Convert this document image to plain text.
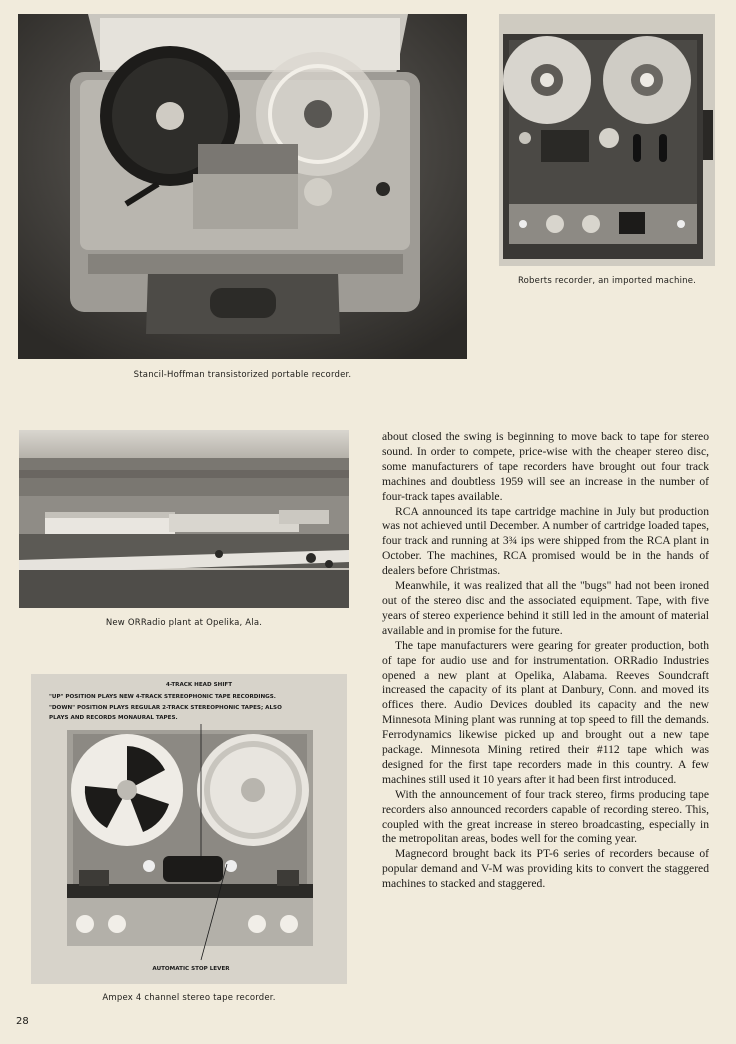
Stancil-Hoffman transistorized portable recorder.
Roberts recorder, an imported machine.
New ORRadio plant at Opelika, Ala.
4-TRACK HEAD SHIFT
"UP" POSITION PLAYS NEW 4-TRACK STEREOPHONIC TAPE RECORDINGS.
"DOWN" POSITION PLAYS REGULAR 2-TRACK STEREOPHONIC TAPES; ALSO
PLAYS AND RECORDS MONAURAL TAPES.
AUTOMATIC STOP LEVER
Ampex 4 channel stereo tape recorder.

about closed the swing is beginning to move back to tape for stereo sound. In order to compete, price-wise with the cheaper stereo disc, some manufacturers of tape recorders have brought out four track machines and doubtless 1959 will see an increase in the number of four-track tapes available.

RCA announced its tape cartridge machine in July but production was not achieved until December. A number of cartridge loaded tapes, four track and running at 3¾ ips were shipped from the RCA plant in October. The machines, RCA promised would be in the hands of dealers before Christmas.

Meanwhile, it was realized that all the "bugs" had not been ironed out of the stereo disc and the associated equipment. Tape, with five years of stereo experience behind it still led in the amount of material available and in promise for the future.

The tape manufacturers were gearing for greater production, both of tape for audio use and for instrumentation. ORRadio Industries opened a new plant at Opelika, Alabama. Reeves Soundcraft increased the capacity of its plant at Danbury, Conn. and moved its offices there. Audio Devices doubled its capacity and the new Minnesota Mining plant was running at top speed to fill the demands. Ferrodynamics likewise picked up and brought out a new tape package. Minnesota Mining retired their #112 tape which was designed for the first tape recorders made in this country. A few machines still used it 10 years after it had been first introduced.

With the announcement of four track stereo, firms producing tape recorders also announced recorders capable of recording stereo. This, coupled with the great increase in stereo broadcasting, especially in the metropolitan areas, bodes well for the coming year.

Magnecord brought back its PT-6 series of recorders because of popular demand and V-M was providing kits to convert the staggered machines to stacked and staggered.

28
